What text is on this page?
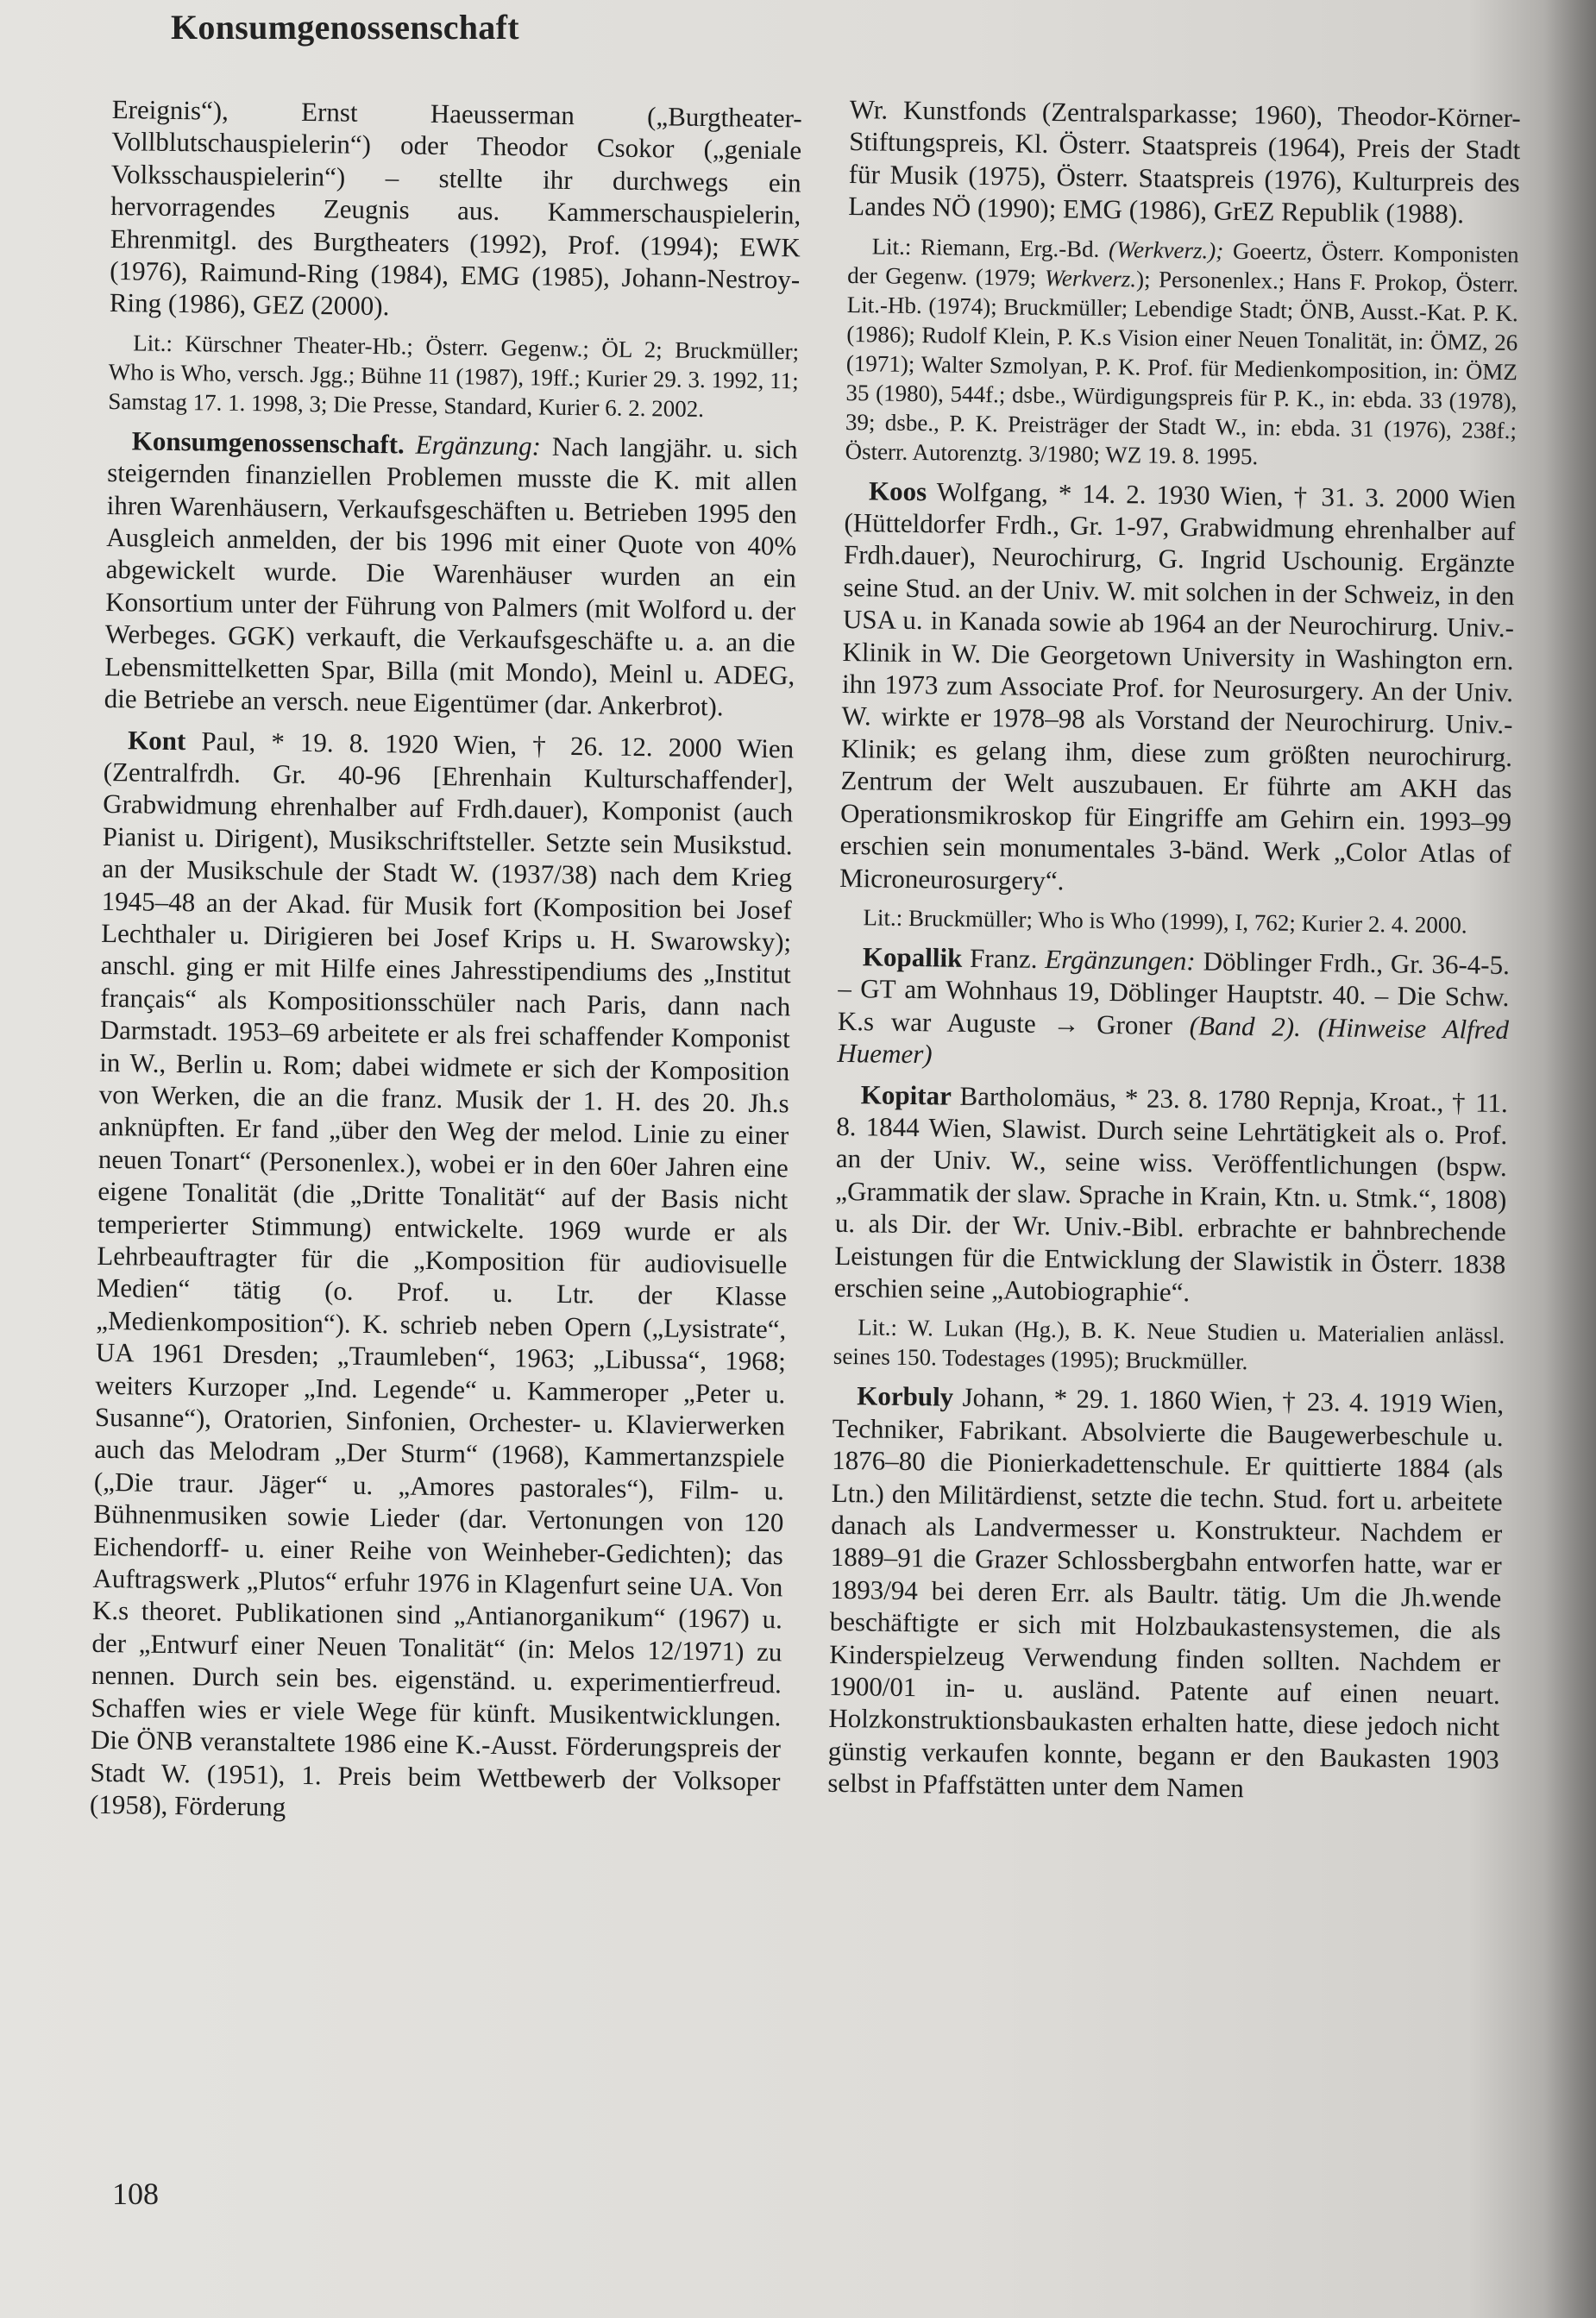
Konsumgenossenschaft

Ereignis“), Ernst Haeusserman („Burgtheater-Vollblutschauspielerin“) oder Theodor Csokor („geniale Volksschauspielerin“) – stellte ihr durchwegs ein hervorragendes Zeugnis aus. Kammerschauspielerin, Ehrenmitgl. des Burgtheaters (1992), Prof. (1994); EWK (1976), Raimund-Ring (1984), EMG (1985), Johann-Nestroy-Ring (1986), GEZ (2000).

Lit.: Kürschner Theater-Hb.; Österr. Gegenw.; ÖL 2; Bruckmüller; Who is Who, versch. Jgg.; Bühne 11 (1987), 19ff.; Kurier 29. 3. 1992, 11; Samstag 17. 1. 1998, 3; Die Presse, Standard, Kurier 6. 2. 2002.

Konsumgenossenschaft. Ergänzung: Nach langjähr. u. sich steigernden finanziellen Problemen musste die K. mit allen ihren Warenhäusern, Verkaufsgeschäften u. Betrieben 1995 den Ausgleich anmelden, der bis 1996 mit einer Quote von 40% abgewickelt wurde. Die Warenhäuser wurden an ein Konsortium unter der Führung von Palmers (mit Wolford u. der Werbeges. GGK) verkauft, die Verkaufsgeschäfte u. a. an die Lebensmittelketten Spar, Billa (mit Mondo), Meinl u. ADEG, die Betriebe an versch. neue Eigentümer (dar. Ankerbrot).

Kont Paul, * 19. 8. 1920 Wien, † 26. 12. 2000 Wien (Zentralfrdh. Gr. 40-96 [Ehrenhain Kulturschaffender], Grabwidmung ehrenhalber auf Frdh.dauer), Komponist (auch Pianist u. Dirigent), Musikschriftsteller. Setzte sein Musikstud. an der Musikschule der Stadt W. (1937/38) nach dem Krieg 1945–48 an der Akad. für Musik fort (Komposition bei Josef Lechthaler u. Dirigieren bei Josef Krips u. H. Swarowsky); anschl. ging er mit Hilfe eines Jahresstipendiums des „Institut français“ als Kompositionsschüler nach Paris, dann nach Darmstadt. 1953–69 arbeitete er als frei schaffender Komponist in W., Berlin u. Rom; dabei widmete er sich der Komposition von Werken, die an die franz. Musik der 1. H. des 20. Jh.s anknüpften. Er fand „über den Weg der melod. Linie zu einer neuen Tonart“ (Personenlex.), wobei er in den 60er Jahren eine eigene Tonalität (die „Dritte Tonalität“ auf der Basis nicht temperierter Stimmung) entwickelte. 1969 wurde er als Lehrbeauftragter für die „Komposition für audiovisuelle Medien“ tätig (o. Prof. u. Ltr. der Klasse „Medienkomposition“). K. schrieb neben Opern („Lysistrate“, UA 1961 Dresden; „Traumleben“, 1963; „Libussa“, 1968; weiters Kurzoper „Ind. Legende“ u. Kammeroper „Peter u. Susanne“), Oratorien, Sinfonien, Orchester- u. Klavierwerken auch das Melodram „Der Sturm“ (1968), Kammertanzspiele („Die traur. Jäger“ u. „Amores pastorales“), Film- u. Bühnenmusiken sowie Lieder (dar. Vertonungen von 120 Eichendorff- u. einer Reihe von Weinheber-Gedichten); das Auftragswerk „Plutos“ erfuhr 1976 in Klagenfurt seine UA. Von K.s theoret. Publikationen sind „Antianorganikum“ (1967) u. der „Entwurf einer Neuen Tonalität“ (in: Melos 12/1971) zu nennen. Durch sein bes. eigenständ. u. experimentierfreud. Schaffen wies er viele Wege für künft. Musikentwicklungen. Die ÖNB veranstaltete 1986 eine K.-Ausst. Förderungspreis der Stadt W. (1951), 1. Preis beim Wettbewerb der Volksoper (1958), Förderung

Wr. Kunstfonds (Zentralsparkasse; 1960), Theodor-Körner-Stiftungspreis, Kl. Österr. Staatspreis (1964), Preis der Stadt für Musik (1975), Österr. Staatspreis (1976), Kulturpreis des Landes NÖ (1990); EMG (1986), GrEZ Republik (1988).

Lit.: Riemann, Erg.-Bd. (Werkverz.); Goeertz, Österr. Komponisten der Gegenw. (1979; Werkverz.); Personenlex.; Hans F. Prokop, Österr. Lit.-Hb. (1974); Bruckmüller; Lebendige Stadt; ÖNB, Ausst.-Kat. P. K. (1986); Rudolf Klein, P. K.s Vision einer Neuen Tonalität, in: ÖMZ, 26 (1971); Walter Szmolyan, P. K. Prof. für Medienkomposition, in: ÖMZ 35 (1980), 544f.; dsbe., Würdigungspreis für P. K., in: ebda. 33 (1978), 39; dsbe., P. K. Preisträger der Stadt W., in: ebda. 31 (1976), 238f.; Österr. Autorenztg. 3/1980; WZ 19. 8. 1995.

Koos Wolfgang, * 14. 2. 1930 Wien, † 31. 3. 2000 Wien (Hütteldorfer Frdh., Gr. 1-97, Grabwidmung ehrenhalber auf Frdh.dauer), Neurochirurg, G. Ingrid Uschounig. Ergänzte seine Stud. an der Univ. W. mit solchen in der Schweiz, in den USA u. in Kanada sowie ab 1964 an der Neurochirurg. Univ.-Klinik in W. Die Georgetown University in Washington ern. ihn 1973 zum Associate Prof. for Neurosurgery. An der Univ. W. wirkte er 1978–98 als Vorstand der Neurochirurg. Univ.-Klinik; es gelang ihm, diese zum größten neurochirurg. Zentrum der Welt auszubauen. Er führte am AKH das Operationsmikroskop für Eingriffe am Gehirn ein. 1993–99 erschien sein monumentales 3-bänd. Werk „Color Atlas of Microneurosurgery“.

Lit.: Bruckmüller; Who is Who (1999), I, 762; Kurier 2. 4. 2000.

Kopallik Franz. Ergänzungen: Döblinger Frdh., Gr. 36-4-5. – GT am Wohnhaus 19, Döblinger Hauptstr. 40. – Die Schw. K.s war Auguste → Groner (Band 2). (Hinweise Alfred Huemer)

Kopitar Bartholomäus, * 23. 8. 1780 Repnja, Kroat., † 11. 8. 1844 Wien, Slawist. Durch seine Lehrtätigkeit als o. Prof. an der Univ. W., seine wiss. Veröffentlichungen (bspw. „Grammatik der slaw. Sprache in Krain, Ktn. u. Stmk.“, 1808) u. als Dir. der Wr. Univ.-Bibl. erbrachte er bahnbrechende Leistungen für die Entwicklung der Slawistik in Österr. 1838 erschien seine „Autobiographie“.

Lit.: W. Lukan (Hg.), B. K. Neue Studien u. Materialien anlässl. seines 150. Todestages (1995); Bruckmüller.

Korbuly Johann, * 29. 1. 1860 Wien, † 23. 4. 1919 Wien, Techniker, Fabrikant. Absolvierte die Baugewerbeschule u. 1876–80 die Pionierkadettenschule. Er quittierte 1884 (als Ltn.) den Militärdienst, setzte die techn. Stud. fort u. arbeitete danach als Landvermesser u. Konstrukteur. Nachdem er 1889–91 die Grazer Schlossbergbahn entworfen hatte, war er 1893/94 bei deren Err. als Baultr. tätig. Um die Jh.wende beschäftigte er sich mit Holzbaukastensystemen, die als Kinderspielzeug Verwendung finden sollten. Nachdem er 1900/01 in- u. ausländ. Patente auf einen neuart. Holzkonstruktionsbaukasten erhalten hatte, diese jedoch nicht günstig verkaufen konnte, begann er den Baukasten 1903 selbst in Pfaffstätten unter dem Namen

108
